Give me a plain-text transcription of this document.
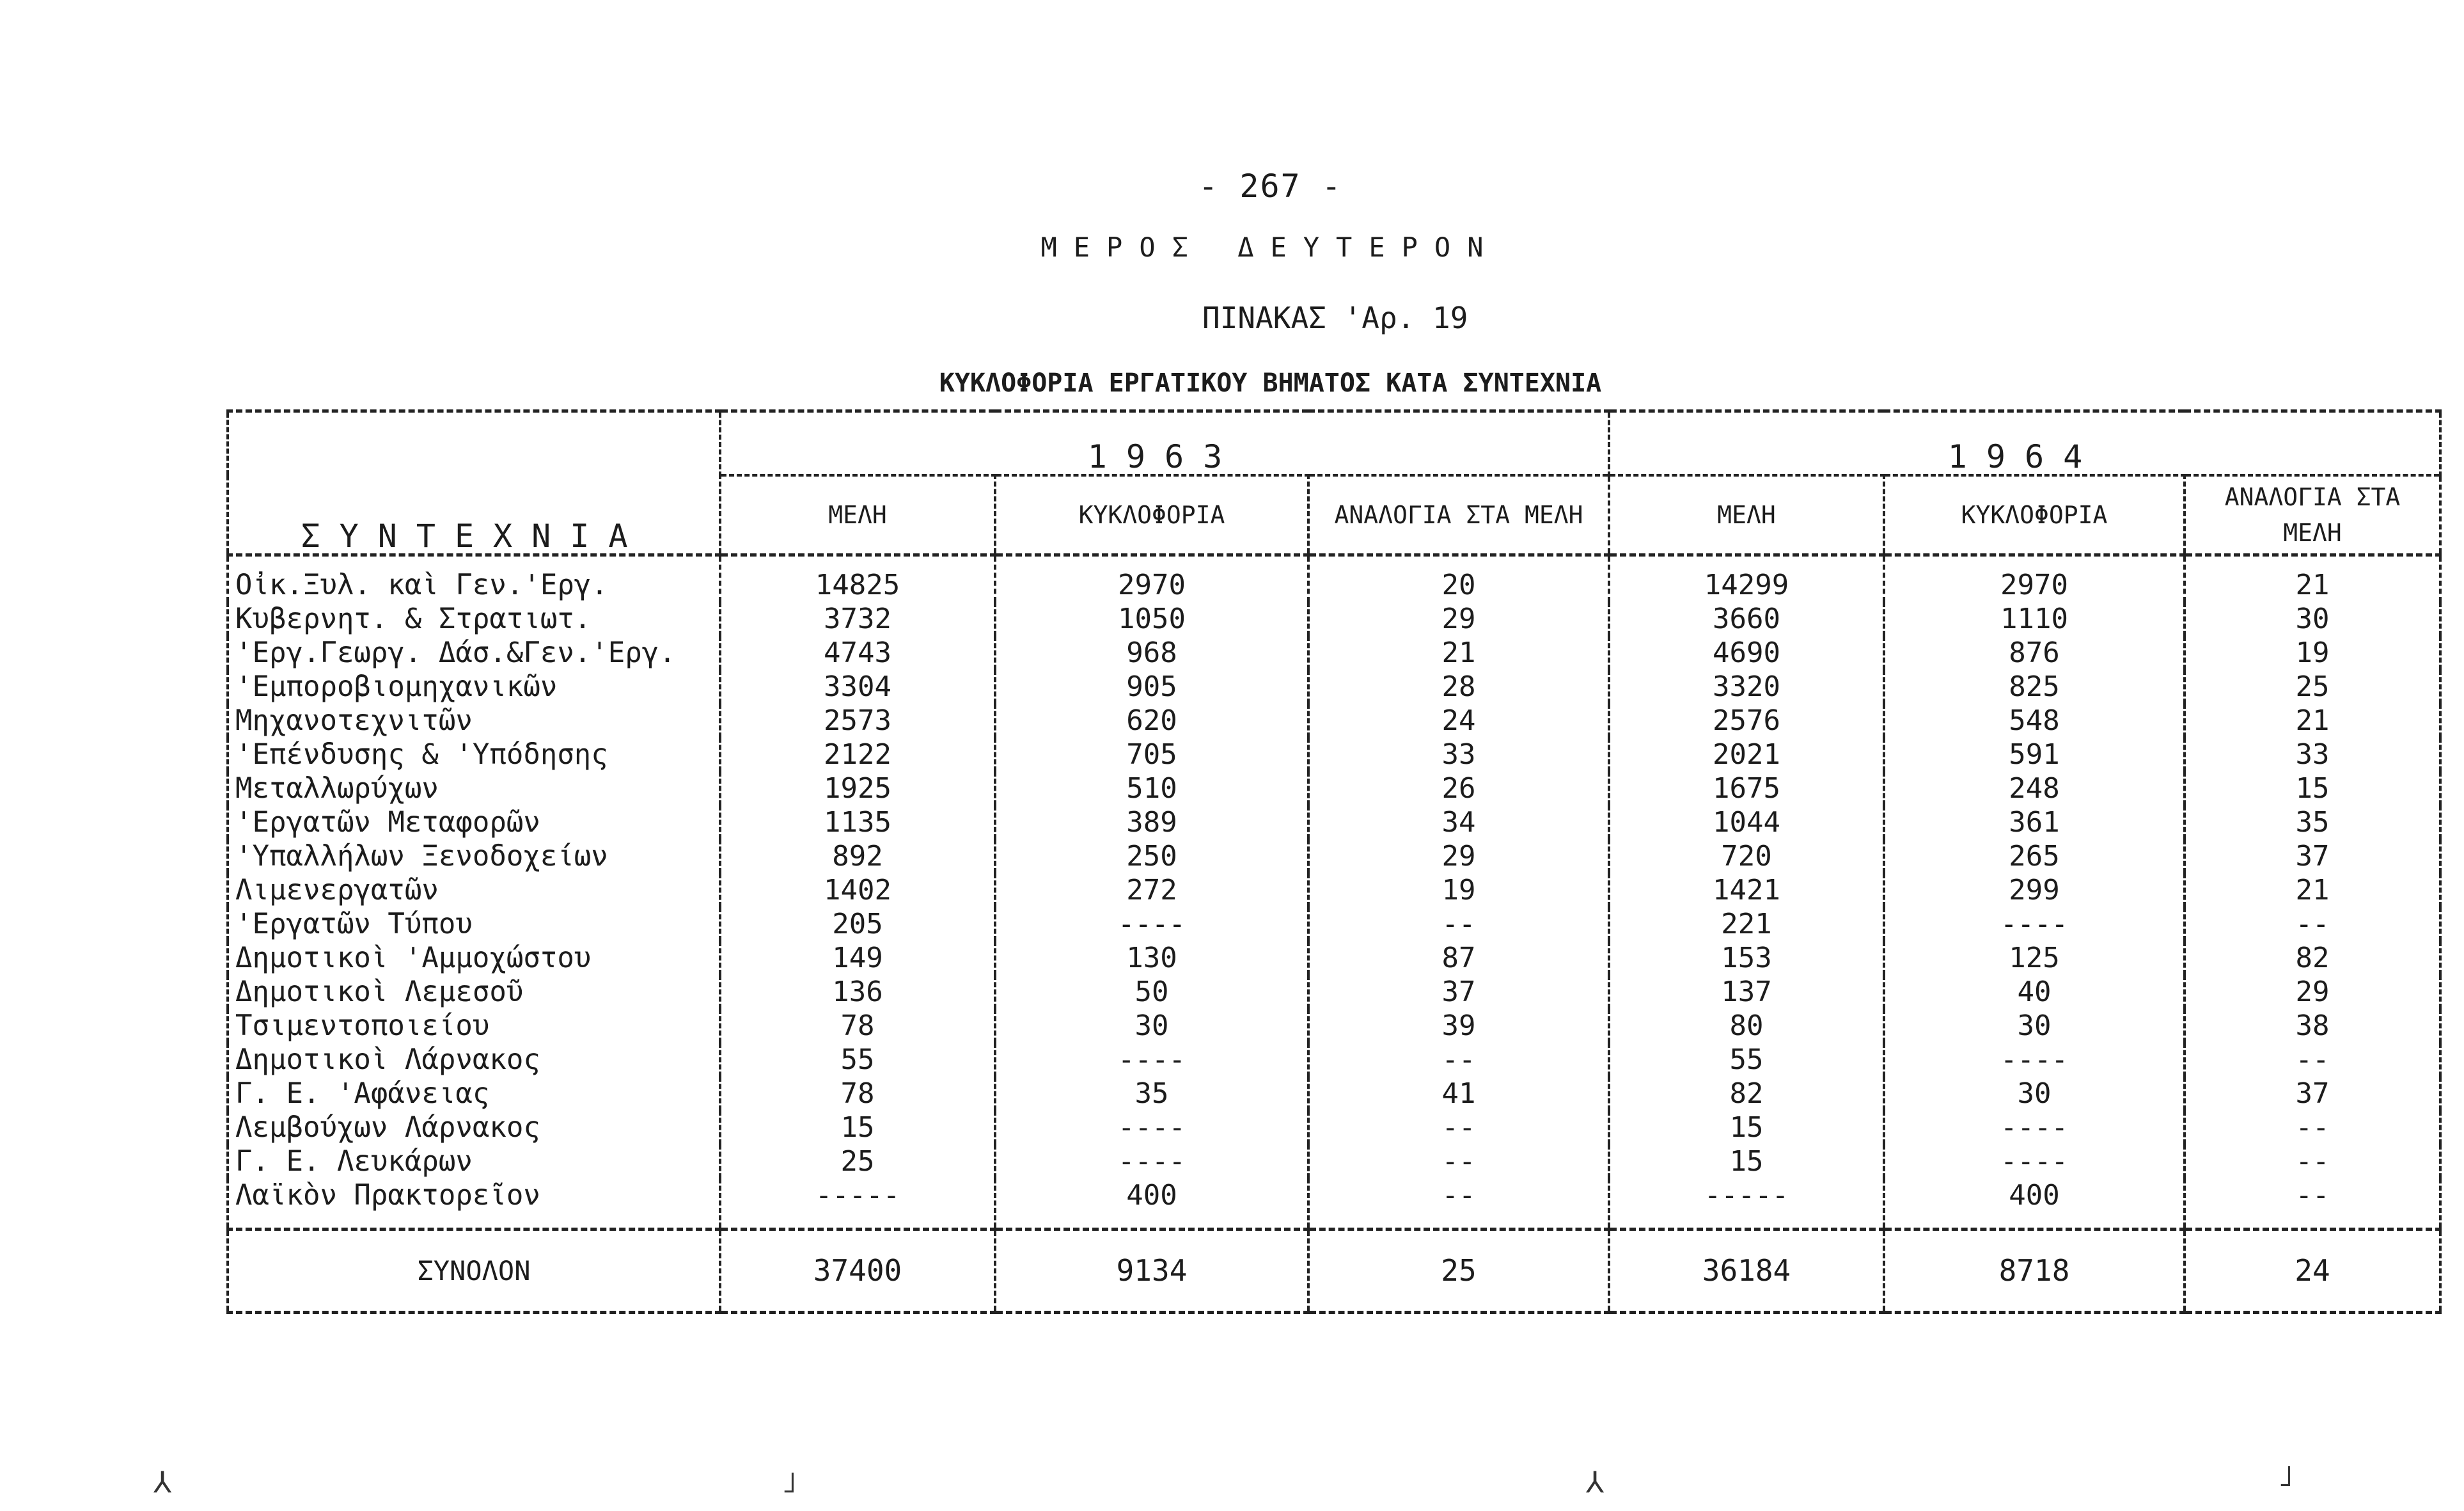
- 267 -
ΜΕΡΟΣ ΔΕΥΤΕΡΟΝ
ΠΙΝΑΚΑΣ 'Αρ. 19
ΚΥΚΛΟΦΟΡΙΑ ΕΡΓΑΤΙΚΟΥ ΒΗΜΑΤΟΣ ΚΑΤΑ ΣΥΝΤΕΧΝΙΑ
ΣΥΝΤΕΧΝΙΑ	1963			1964		
	ΜΕΛΗ	ΚΥΚΛΟΦΟΡΙΑ	ΑΝΑΛΟΓΙΑ ΣΤΑ ΜΕΛΗ	ΜΕΛΗ	ΚΥΚΛΟΦΟΡΙΑ	ΑΝΑΛΟΓΙΑ ΣΤΑ ΜΕΛΗ
Οἰκ.Ξυλ. καὶ Γεν.'Εργ.	14825	2970	20	14299	2970	21
Κυβερνητ. & Στρατιωτ.	3732	1050	29	3660	1110	30
'Εργ.Γεωργ. Δάσ.&Γεν.'Εργ.	4743	968	21	4690	876	19
'Εμποροβιομηχανικῶν	3304	905	28	3320	825	25
Μηχανοτεχνιτῶν	2573	620	24	2576	548	21
'Επένδυσης & 'Υπόδησης	2122	705	33	2021	591	33
Μεταλλωρύχων	1925	510	26	1675	248	15
'Εργατῶν Μεταφορῶν	1135	389	34	1044	361	35
'Υπαλλήλων Ξενοδοχείων	892	250	29	720	265	37
Λιμενεργατῶν	1402	272	19	1421	299	21
'Εργατῶν Τύπου	205	----	--	221	----	--
Δημοτικοὶ 'Αμμοχώστου	149	130	87	153	125	82
Δημοτικοὶ Λεμεσοῦ	136	50	37	137	40	29
Τσιμεντοποιείου	78	30	39	80	30	38
Δημοτικοὶ Λάρνακος	55	----	--	55	----	--
Γ. Ε. 'Αφάνειας	78	35	41	82	30	37
Λεμβούχων Λάρνακος	15	----	--	15	----	--
Γ. Ε. Λευκάρων	25	----	--	15	----	--
Λαϊκὸν Πρακτορεῖον	-----	400	--	-----	400	--
ΣΥΝΟΛΟΝ	37400	9134	25	36184	8718	24
⅄	˩	⅄	˩
